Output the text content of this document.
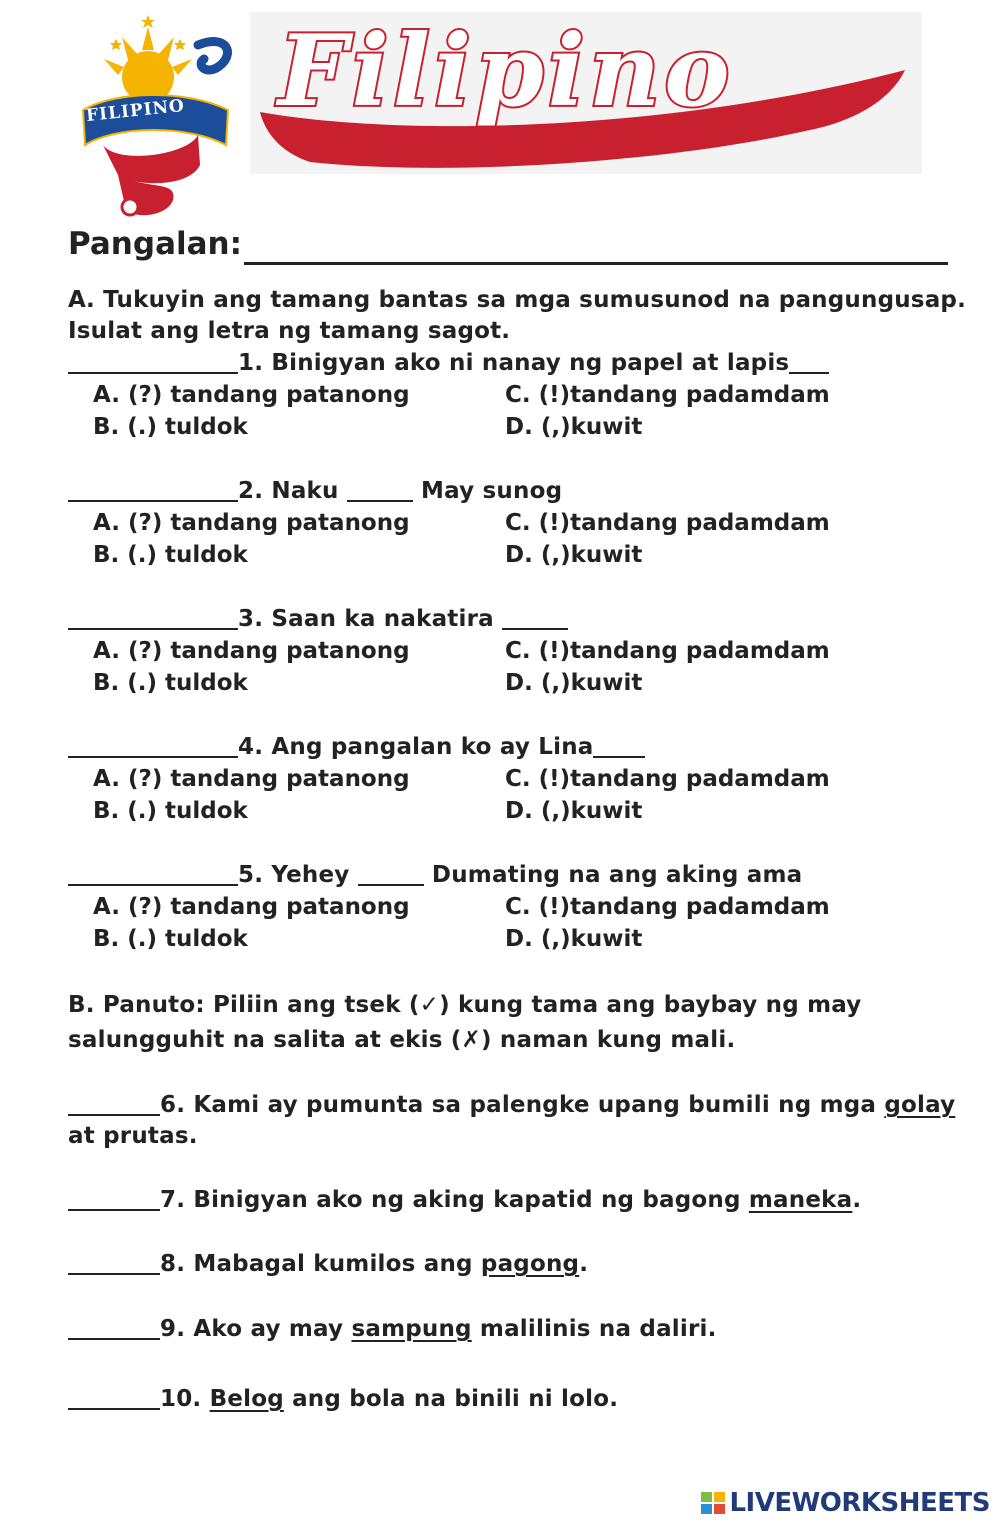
FILIPINO Filipino
Pangalan:
A. Tukuyin ang tamang bantas sa mga sumusunod na pangungusap.
Isulat ang letra ng tamang sagot.
1. Binigyan ako ni nanay ng papel at lapis
A. (?) tandang patanong	C. (!)tandang padamdam
B. (.) tuldok	D. (,)kuwit
2. Naku	May sunog
A. (?) tandang patanong	C. (!)tandang padamdam
B. (.) tuldok	D. (,)kuwit
3. Saan ka nakatira
A. (?) tandang patanong	C. (!)tandang padamdam
B. (.) tuldok	D. (,)kuwit
4. Ang pangalan ko ay Lina
A. (?) tandang patanong	C. (!)tandang padamdam
B. (.) tuldok	D. (,)kuwit
5. Yehey	Dumating na ang aking ama
A. (?) tandang patanong	C. (!)tandang padamdam
B. (.) tuldok	D. (,)kuwit
B. Panuto: Piliin ang tsek (✓) kung tama ang baybay ng may
salungguhit na salita at ekis (✗) naman kung mali.
6. Kami ay pumunta sa palengke upang bumili ng mga golay
at prutas.
7. Binigyan ako ng aking kapatid ng bagong maneka.
8. Mabagal kumilos ang pagong.
9. Ako ay may sampung malilinis na daliri.
10. Belog ang bola na binili ni lolo.
LIVEWORKSHEETS
